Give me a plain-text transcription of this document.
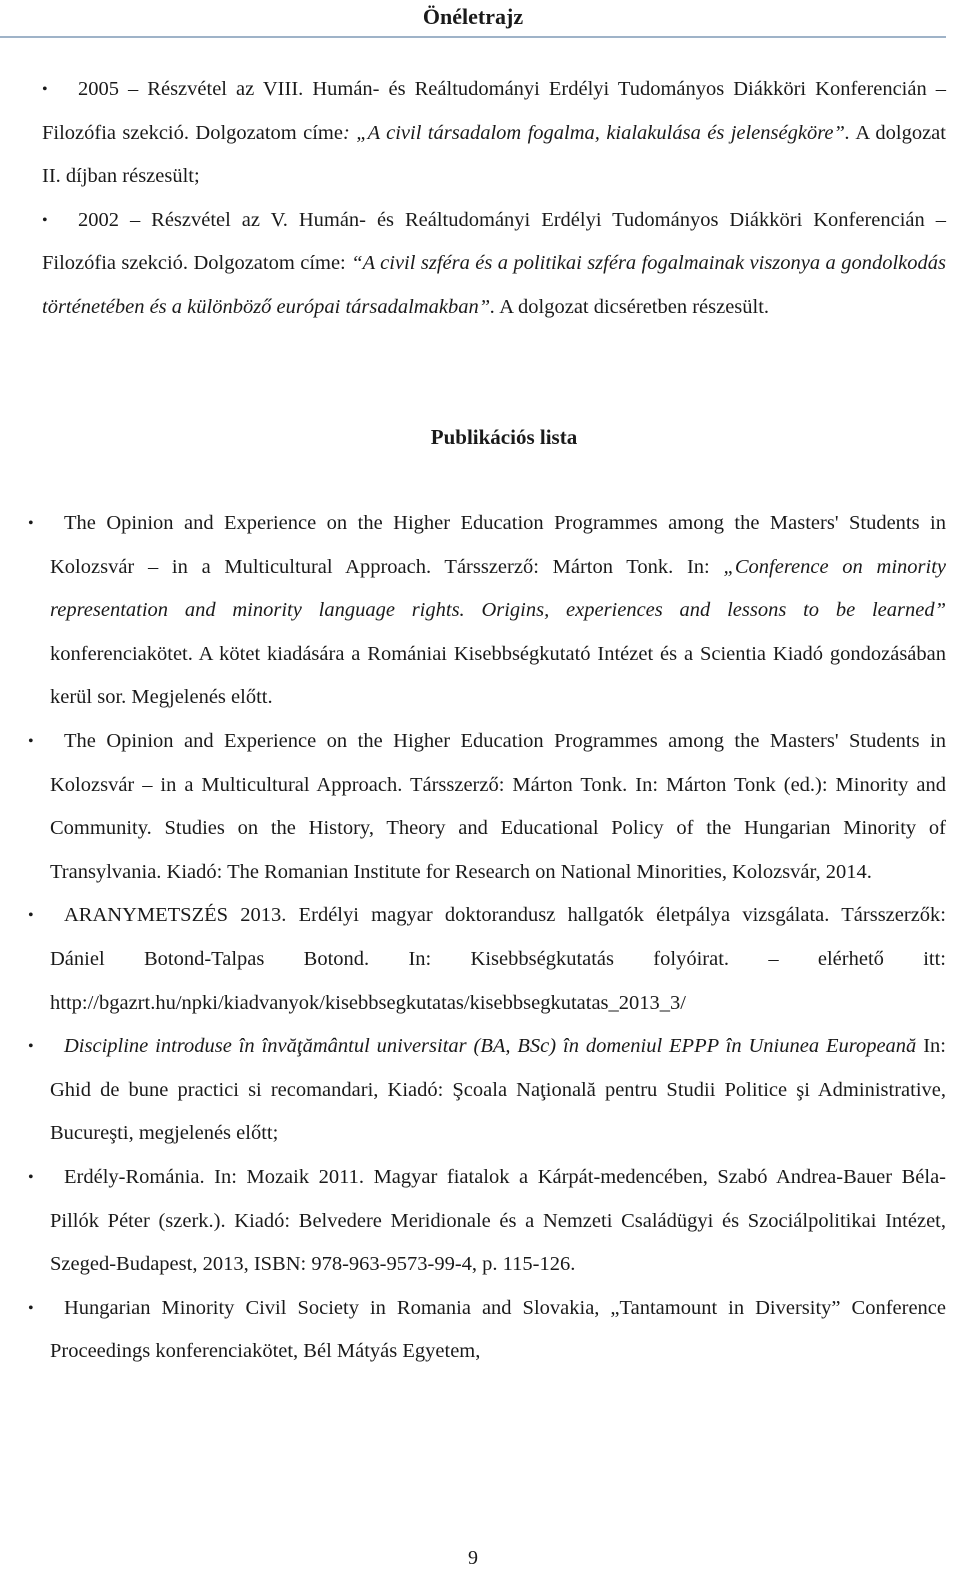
Önéletrajz
• 2005 – Részvétel az VIII. Humán- és Reáltudományi Erdélyi Tudományos Diákköri Konferencián – Filozófia szekció. Dolgozatom címe: „A civil társadalom fogalma, kialakulása és jelenségköre”. A dolgozat II. díjban részesült;
• 2002 – Részvétel az V. Humán- és Reáltudományi Erdélyi Tudományos Diákköri Konferencián – Filozófia szekció. Dolgozatom címe: “A civil szféra és a politikai szféra fogalmainak viszonya a gondolkodás történetében és a különböző európai társadalmakban”. A dolgozat dicséretben részesült.
Publikációs lista
• The Opinion and Experience on the Higher Education Programmes among the Masters' Students in Kolozsvár – in a Multicultural Approach. Társszerző: Márton Tonk. In: „Conference on minority representation and minority language rights. Origins, experiences and lessons to be learned” konferenciakötet. A kötet kiadására a Romániai Kisebbségkutató Intézet és a Scientia Kiadó gondozásában kerül sor. Megjelenés előtt.
• The Opinion and Experience on the Higher Education Programmes among the Masters' Students in Kolozsvár – in a Multicultural Approach. Társszerző: Márton Tonk. In: Márton Tonk (ed.): Minority and Community. Studies on the History, Theory and Educational Policy of the Hungarian Minority of Transylvania. Kiadó: The Romanian Institute for Research on National Minorities, Kolozsvár, 2014.
• ARANYMETSZÉS 2013. Erdélyi magyar doktorandusz hallgatók életpálya vizsgálata. Társszerzők: Dániel Botond-Talpas Botond. In: Kisebbségkutatás folyóirat. – elérhető itt: http://bgazrt.hu/npki/kiadvanyok/kisebbsegkutatas/kisebbsegkutatas_2013_3/
• Discipline introduse în învăţământul universitar (BA, BSc) în domeniul EPPP în Uniunea Europeană In: Ghid de bune practici si recomandari, Kiadó: Şcoala Naţională pentru Studii Politice şi Administrative, Bucureşti, megjelenés előtt;
• Erdély-Románia. In: Mozaik 2011. Magyar fiatalok a Kárpát-medencében, Szabó Andrea-Bauer Béla-Pillók Péter (szerk.). Kiadó: Belvedere Meridionale és a Nemzeti Családügyi és Szociálpolitikai Intézet, Szeged-Budapest, 2013, ISBN: 978-963-9573-99-4, p. 115-126.
• Hungarian Minority Civil Society in Romania and Slovakia, „Tantamount in Diversity” Conference Proceedings konferenciakötet, Bél Mátyás Egyetem,
9
